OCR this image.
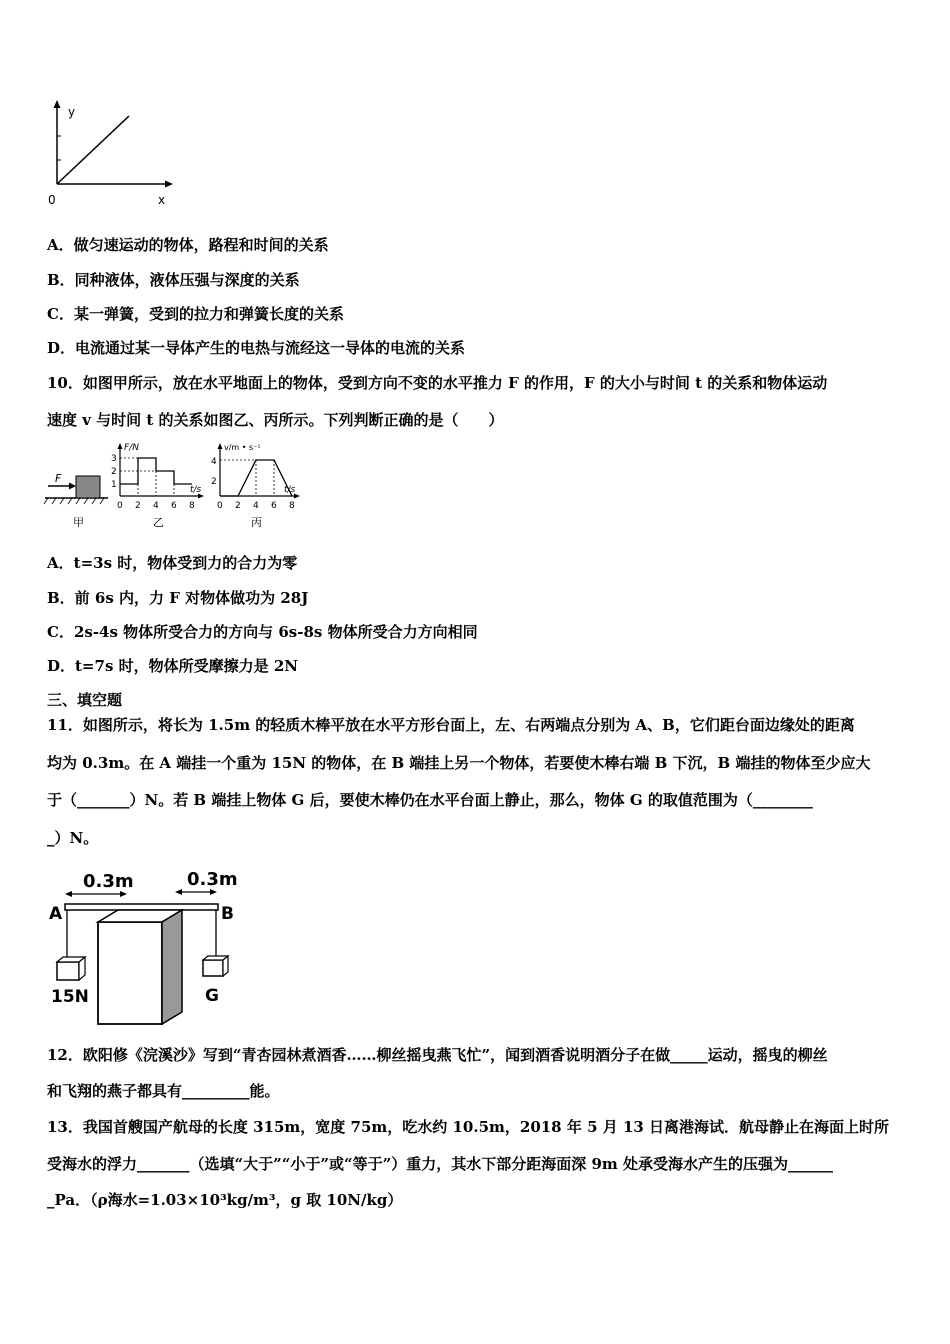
y
x
0
A．做匀速运动的物体，路程和时间的关系
B．同种液体，液体压强与深度的关系
C．某一弹簧，受到的拉力和弹簧长度的关系
D．电流通过某一导体产生的电热与流经这一导体的电流的关系
10．如图甲所示，放在水平地面上的物体，受到方向不变的水平推力 F 的作用，F 的大小与时间 t 的关系和物体运动
速度 v 与时间 t 的关系如图乙、丙所示。下列判断正确的是（　　）
F
甲
F/N
t/s
3
2
1
0 2 4 6 8
乙
v/m • s⁻¹
t/s
4
2
0 2 4 6 8
丙
A．t=3s 时，物体受到力的合力为零
B．前 6s 内，力 F 对物体做功为 28J
C．2s-4s 物体所受合力的方向与 6s-8s 物体所受合力方向相同
D．t=7s 时，物体所受摩擦力是 2N
三、填空题
11．如图所示，将长为 1.5m 的轻质木棒平放在水平方形台面上，左、右两端点分别为 A、B，它们距台面边缘处的距离
均为 0.3m。在 A 端挂一个重为 15N 的物体，在 B 端挂上另一个物体，若要使木棒右端 B 下沉，B 端挂的物体至少应大
于（_______）N。若 B 端挂上物体 G 后，要使木棒仍在水平台面上静止，那么，物体 G 的取值范围为（________
_）N。
0.3m	0.3m
A	B
15N	G
12．欧阳修《浣溪沙》写到“青杏园林煮酒香……柳丝摇曳燕飞忙”，闻到酒香说明酒分子在做_____运动，摇曳的柳丝
和飞翔的燕子都具有_________能。
13．我国首艘国产航母的长度 315m，宽度 75m，吃水约 10.5m，2018 年 5 月 13 日离港海试．航母静止在海面上时所
受海水的浮力_______（选填“大于”“小于”或“等于”）重力，其水下部分距海面深 9m 处承受海水产生的压强为______
_Pa．（ρ海水=1.03×10³kg/m³，g 取 10N/kg）
